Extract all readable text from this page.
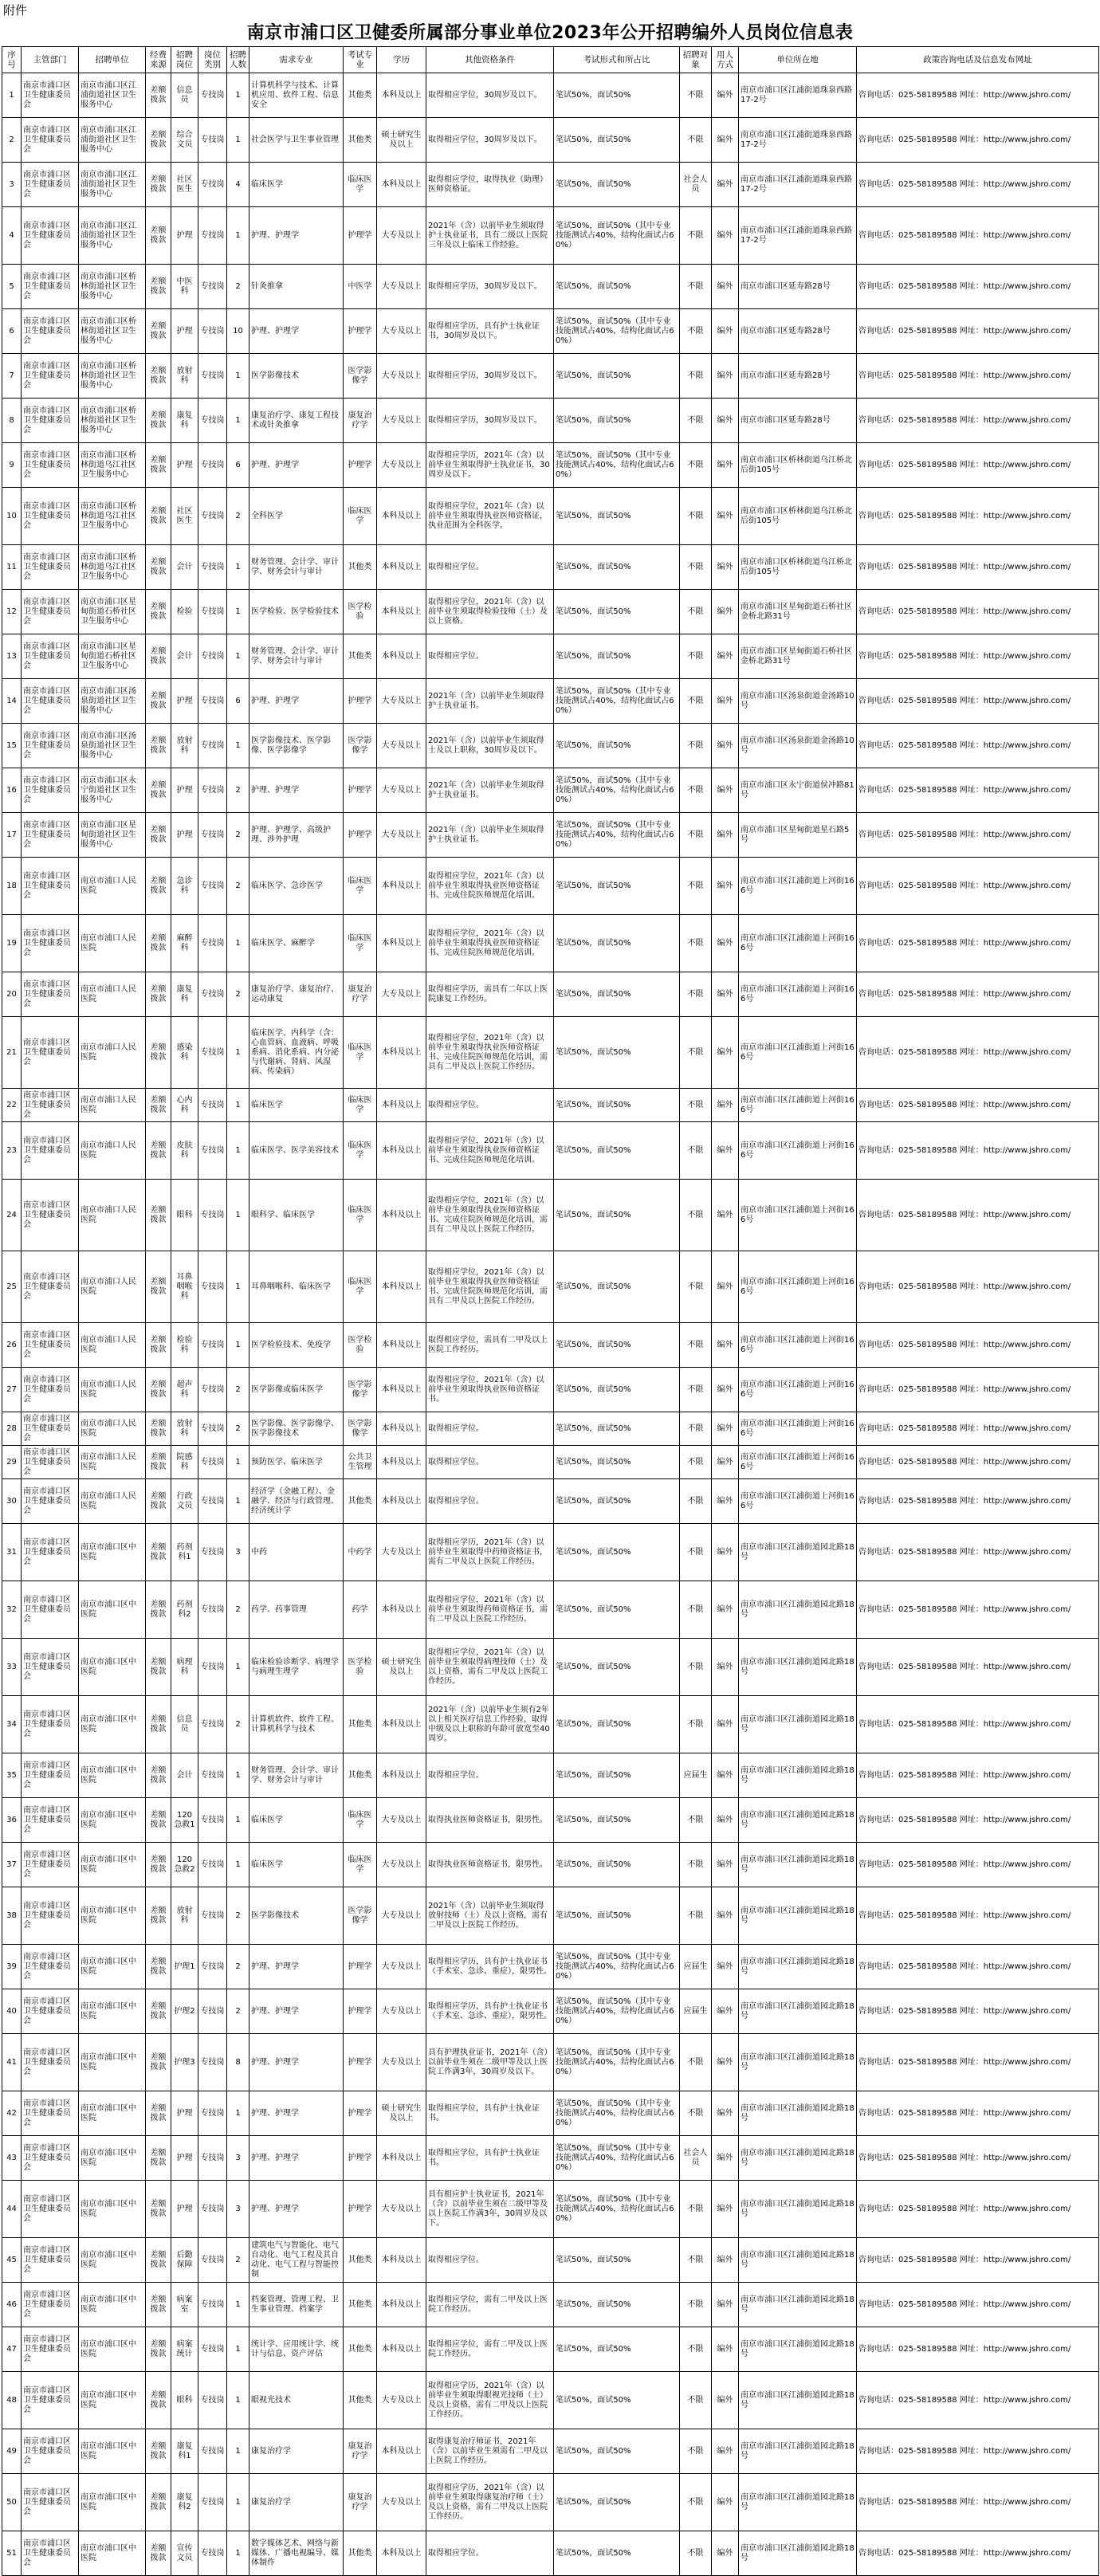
附件
南京市浦口区卫健委所属部分事业单位2023年公开招聘编外人员岗位信息表
序号	主管部门	招聘单位	经费来源	招聘岗位	岗位类别	招聘人数	需求专业	考试专业	学历	其他资格条件	考试形式和所占比	招聘对象	用人方式	单位所在地	政策咨询电话及信息发布网址
1	南京市浦口区卫生健康委员会	南京市浦口区江浦街道社区卫生服务中心	差额拨款	信息员	专技岗	1	计算机科学与技术、计算机应用、软件工程、信息安全	其他类	本科及以上	取得相应学位，30周岁及以下。	笔试50%，面试50%	不限	编外	南京市浦口区江浦街道珠泉西路17-2号	咨询电话：025-58189588 网址：http://www.jshro.com/
2	南京市浦口区卫生健康委员会	南京市浦口区江浦街道社区卫生服务中心	差额拨款	综合文员	专技岗	1	社会医学与卫生事业管理	其他类	硕士研究生及以上	取得相应学位，30周岁及以下。	笔试50%，面试50%	不限	编外	南京市浦口区江浦街道珠泉西路17-2号	咨询电话：025-58189588 网址：http://www.jshro.com/
3	南京市浦口区卫生健康委员会	南京市浦口区江浦街道社区卫生服务中心	差额拨款	社区医生	专技岗	4	临床医学	临床医学	本科及以上	取得相应学位，取得执业（助理）医师资格证。	笔试50%，面试50%	社会人员	编外	南京市浦口区江浦街道珠泉西路17-2号	咨询电话：025-58189588 网址：http://www.jshro.com/
4	南京市浦口区卫生健康委员会	南京市浦口区江浦街道社区卫生服务中心	差额拨款	护理	专技岗	1	护理、护理学	护理学	大专及以上	2021年（含）以前毕业生须取得护士执业证书，具有二级以上医院三年及以上临床工作经验。	笔试50%，面试50%（其中专业技能测试占40%，结构化面试占60%）	不限	编外	南京市浦口区江浦街道珠泉西路17-2号	咨询电话：025-58189588 网址：http://www.jshro.com/
5	南京市浦口区卫生健康委员会	南京市浦口区桥林街道社区卫生服务中心	差额拨款	中医科	专技岗	2	针灸推拿	中医学	大专及以上	取得相应学历，30周岁及以下。	笔试50%，面试50%	不限	编外	南京市浦口区延寿路28号	咨询电话：025-58189588 网址：http://www.jshro.com/
6	南京市浦口区卫生健康委员会	南京市浦口区桥林街道社区卫生服务中心	差额拨款	护理	专技岗	10	护理、护理学	护理学	大专及以上	取得相应学历，具有护士执业证书，30周岁及以下。	笔试50%，面试50%（其中专业技能测试占40%，结构化面试占60%）	不限	编外	南京市浦口区延寿路28号	咨询电话：025-58189588 网址：http://www.jshro.com/
7	南京市浦口区卫生健康委员会	南京市浦口区桥林街道社区卫生服务中心	差额拨款	放射科	专技岗	1	医学影像技术	医学影像学	大专及以上	取得相应学历，30周岁及以下。	笔试50%，面试50%	不限	编外	南京市浦口区延寿路28号	咨询电话：025-58189588 网址：http://www.jshro.com/
8	南京市浦口区卫生健康委员会	南京市浦口区桥林街道社区卫生服务中心	差额拨款	康复科	专技岗	1	康复治疗学、康复工程技术或针灸推拿	康复治疗学	大专及以上	取得相应学历，30周岁及以下。	笔试50%，面试50%	不限	编外	南京市浦口区延寿路28号	咨询电话：025-58189588 网址：http://www.jshro.com/
9	南京市浦口区卫生健康委员会	南京市浦口区桥林街道乌江社区卫生服务中心	差额拨款	护理	专技岗	6	护理、护理学	护理学	大专及以上	取得相应学历，2021年（含）以前毕业生须取得护士执业证书，30周岁及以下。	笔试50%，面试50%（其中专业技能测试占40%，结构化面试占60%）	不限	编外	南京市浦口区桥林街道乌江桥北后街105号	咨询电话：025-58189588 网址：http://www.jshro.com/
10	南京市浦口区卫生健康委员会	南京市浦口区桥林街道乌江社区卫生服务中心	差额拨款	社区医生	专技岗	2	全科医学	临床医学	本科及以上	取得相应学位，2021年（含）以前毕业生须取得执业医师资格证，执业范围为全科医学。	笔试50%，面试50%	不限	编外	南京市浦口区桥林街道乌江桥北后街105号	咨询电话：025-58189588 网址：http://www.jshro.com/
11	南京市浦口区卫生健康委员会	南京市浦口区桥林街道乌江社区卫生服务中心	差额拨款	会计	专技岗	1	财务管理、会计学、审计学、财务会计与审计	其他类	本科及以上	取得相应学位。	笔试50%，面试50%	不限	编外	南京市浦口区桥林街道乌江桥北后街105号	咨询电话：025-58189588 网址：http://www.jshro.com/
12	南京市浦口区卫生健康委员会	南京市浦口区星甸街道石桥社区卫生服务中心	差额拨款	检验	专技岗	1	医学检验、医学检验技术	医学检验	本科及以上	取得相应学位，2021年（含）以前毕业生须取得检验技师（士）及以上资格。	笔试50%，面试50%	不限	编外	南京市浦口区星甸街道石桥社区金桥北路31号	咨询电话：025-58189588 网址：http://www.jshro.com/
13	南京市浦口区卫生健康委员会	南京市浦口区星甸街道石桥社区卫生服务中心	差额拨款	会计	专技岗	1	财务管理、会计学、审计学、财务会计与审计	其他类	本科及以上	取得相应学位。	笔试50%，面试50%	不限	编外	南京市浦口区星甸街道石桥社区金桥北路31号	咨询电话：025-58189588 网址：http://www.jshro.com/
14	南京市浦口区卫生健康委员会	南京市浦口区汤泉街道社区卫生服务中心	差额拨款	护理	专技岗	6	护理、护理学	护理学	大专及以上	2021年（含）以前毕业生须取得护士执业证书。	笔试50%，面试50%（其中专业技能测试占40%，结构化面试占60%）	不限	编外	南京市浦口区汤泉街道金汤路10号	咨询电话：025-58189588 网址：http://www.jshro.com/
15	南京市浦口区卫生健康委员会	南京市浦口区汤泉街道社区卫生服务中心	差额拨款	放射科	专技岗	1	医学影像技术、医学影像、医学影像学	医学影像学	大专及以上	2021年（含）以前毕业生须取得士及以上职称，30周岁及以下。	笔试50%，面试50%	不限	编外	南京市浦口区汤泉街道金汤路10号	咨询电话：025-58189588 网址：http://www.jshro.com/
16	南京市浦口区卫生健康委员会	南京市浦口区永宁街道社区卫生服务中心	差额拨款	护理	专技岗	2	护理、护理学	护理学	大专及以上	2021年（含）以前毕业生须取得护士执业证书。	笔试50%，面试50%（其中专业技能测试占40%，结构化面试占60%）	不限	编外	南京市浦口区永宁街道侯冲路81号	咨询电话：025-58189588 网址：http://www.jshro.com/
17	南京市浦口区卫生健康委员会	南京市浦口区星甸街道社区卫生服务中心	差额拨款	护理	专技岗	2	护理、护理学、高级护理、涉外护理	护理学	大专及以上	2021年（含）以前毕业生须取得护士执业证书。	笔试50%，面试50%（其中专业技能测试占40%，结构化面试占60%）	不限	编外	南京市浦口区星甸街道星石路5号	咨询电话：025-58189588 网址：http://www.jshro.com/
18	南京市浦口区卫生健康委员会	南京市浦口人民医院	差额拨款	急诊科	专技岗	2	临床医学、急诊医学	临床医学	本科及以上	取得相应学位，2021年（含）以前毕业生须取得执业医师资格证书、完成住院医师规范化培训。	笔试50%，面试50%	不限	编外	南京市浦口区江浦街道上河街166号	咨询电话：025-58189588 网址：http://www.jshro.com/
19	南京市浦口区卫生健康委员会	南京市浦口人民医院	差额拨款	麻醉科	专技岗	1	临床医学、麻醉学	临床医学	本科及以上	取得相应学位，2021年（含）以前毕业生须取得执业医师资格证书、完成住院医师规范化培训。	笔试50%，面试50%	不限	编外	南京市浦口区江浦街道上河街166号	咨询电话：025-58189588 网址：http://www.jshro.com/
20	南京市浦口区卫生健康委员会	南京市浦口人民医院	差额拨款	康复科	专技岗	2	康复治疗学、康复治疗、运动康复	康复治疗学	大专及以上	取得相应学历，需具有二年以上医院康复工作经历。	笔试50%，面试50%	不限	编外	南京市浦口区江浦街道上河街166号	咨询电话：025-58189588 网址：http://www.jshro.com/
21	南京市浦口区卫生健康委员会	南京市浦口人民医院	差额拨款	感染科	专技岗	1	临床医学、内科学（含：心血管病、血液病、呼吸系病、消化系病、内分泌与代谢病、肾病、风湿病、传染病）	临床医学	本科及以上	取得相应学位，2021年（含）以前毕业生须取得执业医师资格证书、完成住院医师规范化培训，需具有二甲及以上医院工作经历。	笔试50%，面试50%	不限	编外	南京市浦口区江浦街道上河街166号	咨询电话：025-58189588 网址：http://www.jshro.com/
22	南京市浦口区卫生健康委员会	南京市浦口人民医院	差额拨款	心内科	专技岗	1	临床医学	临床医学	本科及以上	取得相应学位。	笔试50%，面试50%	不限	编外	南京市浦口区江浦街道上河街166号	咨询电话：025-58189588 网址：http://www.jshro.com/
23	南京市浦口区卫生健康委员会	南京市浦口人民医院	差额拨款	皮肤科	专技岗	1	临床医学、医学美容技术	临床医学	本科及以上	取得相应学位，2021年（含）以前毕业生须取得执业医师资格证书、完成住院医师规范化培训。	笔试50%，面试50%	不限	编外	南京市浦口区江浦街道上河街166号	咨询电话：025-58189588 网址：http://www.jshro.com/
24	南京市浦口区卫生健康委员会	南京市浦口人民医院	差额拨款	眼科	专技岗	1	眼科学、临床医学	临床医学	本科及以上	取得相应学位，2021年（含）以前毕业生须取得执业医师资格证书、完成住院医师规范化培训，需具有二甲及以上医院工作经历。	笔试50%，面试50%	不限	编外	南京市浦口区江浦街道上河街166号	咨询电话：025-58189588 网址：http://www.jshro.com/
25	南京市浦口区卫生健康委员会	南京市浦口人民医院	差额拨款	耳鼻咽喉科	专技岗	1	耳鼻咽喉科、临床医学	临床医学	本科及以上	取得相应学位，2021年（含）以前毕业生须取得执业医师资格证书、完成住院医师规范化培训，需具有二甲及以上医院工作经历。	笔试50%，面试50%	不限	编外	南京市浦口区江浦街道上河街166号	咨询电话：025-58189588 网址：http://www.jshro.com/
26	南京市浦口区卫生健康委员会	南京市浦口人民医院	差额拨款	检验科	专技岗	1	医学检验技术、免疫学	医学检验	本科及以上	取得相应学位，需具有二甲及以上医院工作经历。	笔试50%，面试50%	不限	编外	南京市浦口区江浦街道上河街166号	咨询电话：025-58189588 网址：http://www.jshro.com/
27	南京市浦口区卫生健康委员会	南京市浦口人民医院	差额拨款	超声科	专技岗	2	医学影像或临床医学	医学影像学	本科及以上	取得相应学位，2021年（含）以前毕业生须取得执业医师资格证书。	笔试50%，面试50%	不限	编外	南京市浦口区江浦街道上河街166号	咨询电话：025-58189588 网址：http://www.jshro.com/
28	南京市浦口区卫生健康委员会	南京市浦口人民医院	差额拨款	放射科	专技岗	2	医学影像、医学影像学、医学影像技术	医学影像学	本科及以上	取得相应学位。	笔试50%，面试50%	不限	编外	南京市浦口区江浦街道上河街166号	咨询电话：025-58189588 网址：http://www.jshro.com/
29	南京市浦口区卫生健康委员会	南京市浦口人民医院	差额拨款	院感科	专技岗	1	预防医学、临床医学	公共卫生管理	本科及以上	取得相应学位。	笔试50%，面试50%	不限	编外	南京市浦口区江浦街道上河街166号	咨询电话：025-58189588 网址：http://www.jshro.com/
30	南京市浦口区卫生健康委员会	南京市浦口人民医院	差额拨款	行政文员	专技岗	1	经济学（金融工程）、金融学、经济与行政管理、经济统计学	其他类	本科及以上	取得相应学位。	笔试50%，面试50%	不限	编外	南京市浦口区江浦街道上河街166号	咨询电话：025-58189588 网址：http://www.jshro.com/
31	南京市浦口区卫生健康委员会	南京市浦口区中医院	差额拨款	药剂科1	专技岗	3	中药	中药学	大专及以上	取得相应学历，2021年（含）以前毕业生须取得中药师资格证书，需有二甲及以上医院工作经历。	笔试50%，面试50%	不限	编外	南京市浦口区江浦街道园北路18号	咨询电话：025-58189588 网址：http://www.jshro.com/
32	南京市浦口区卫生健康委员会	南京市浦口区中医院	差额拨款	药剂科2	专技岗	2	药学、药事管理	药学	本科及以上	取得相应学位，2021年（含）以前毕业生须取得药师资格证书，需有二甲及以上医院工作经历。	笔试50%，面试50%	不限	编外	南京市浦口区江浦街道园北路18号	咨询电话：025-58189588 网址：http://www.jshro.com/
33	南京市浦口区卫生健康委员会	南京市浦口区中医院	差额拨款	病理科	专技岗	1	临床检验诊断学、病理学与病理生理学	医学检验	硕士研究生及以上	取得相应学位，2021年（含）以前毕业生须取得病理技师（士）及以上资格，需有二甲及以上医院工作经历。	笔试50%，面试50%	不限	编外	南京市浦口区江浦街道园北路18号	咨询电话：025-58189588 网址：http://www.jshro.com/
34	南京市浦口区卫生健康委员会	南京市浦口区中医院	差额拨款	信息员	专技岗	2	计算机软件、软件工程、计算机科学与技术	其他类	本科及以上	2021年（含）以前毕业生须有2年以上相关医疗信息工作经验，取得中级及以上职称的年龄可放宽至40周岁。	笔试50%，面试50%	不限	编外	南京市浦口区江浦街道园北路18号	咨询电话：025-58189588 网址：http://www.jshro.com/
35	南京市浦口区卫生健康委员会	南京市浦口区中医院	差额拨款	会计	专技岗	1	财务管理、会计学、审计学、财务会计与审计	其他类	本科及以上	取得相应学位。	笔试50%，面试50%	应届生	编外	南京市浦口区江浦街道园北路18号	咨询电话：025-58189588 网址：http://www.jshro.com/
36	南京市浦口区卫生健康委员会	南京市浦口区中医院	差额拨款	120急救1	专技岗	1	临床医学	临床医学	大专及以上	取得执业医师资格证书，限男性。	笔试50%，面试50%	不限	编外	南京市浦口区江浦街道园北路18号	咨询电话：025-58189588 网址：http://www.jshro.com/
37	南京市浦口区卫生健康委员会	南京市浦口区中医院	差额拨款	120急救2	专技岗	1	临床医学	临床医学	大专及以上	取得执业医师资格证书，限男性。	笔试50%，面试50%	不限	编外	南京市浦口区江浦街道园北路18号	咨询电话：025-58189588 网址：http://www.jshro.com/
38	南京市浦口区卫生健康委员会	南京市浦口区中医院	差额拨款	放射科	专技岗	2	医学影像技术	医学影像学	大专及以上	2021年（含）以前毕业生须取得放射技师（士）及以上资格，需有二甲及以上医院工作经历。	笔试50%，面试50%	不限	编外	南京市浦口区江浦街道园北路18号	咨询电话：025-58189588 网址：http://www.jshro.com/
39	南京市浦口区卫生健康委员会	南京市浦口区中医院	差额拨款	护理1	专技岗	2	护理、护理学	护理学	大专及以上	取得相应学历，具有护士执业证书（手术室、急诊、重症），限男性。	笔试50%，面试50%（其中专业技能测试占40%，结构化面试占60%）	应届生	编外	南京市浦口区江浦街道园北路18号	咨询电话：025-58189588 网址：http://www.jshro.com/
40	南京市浦口区卫生健康委员会	南京市浦口区中医院	差额拨款	护理2	专技岗	2	护理、护理学	护理学	大专及以上	取得相应学历，具有护士执业证书（手术室、急诊、重症），限男性。	笔试50%，面试50%（其中专业技能测试占40%，结构化面试占60%）	应届生	编外	南京市浦口区江浦街道园北路18号	咨询电话：025-58189588 网址：http://www.jshro.com/
41	南京市浦口区卫生健康委员会	南京市浦口区中医院	差额拨款	护理3	专技岗	8	护理、护理学	护理学	大专及以上	具有护理执业证书，2021年（含）以前毕业生须在二级甲等及以上医院工作满3年，30周岁及以下。	笔试50%，面试50%（其中专业技能测试占40%，结构化面试占60%）	不限	编外	南京市浦口区江浦街道园北路18号	咨询电话：025-58189588 网址：http://www.jshro.com/
42	南京市浦口区卫生健康委员会	南京市浦口区中医院	差额拨款	护理	专技岗	1	护理、护理学	护理学	硕士研究生及以上	取得相应学位，具有护士执业证书。	笔试50%，面试50%（其中专业技能测试占40%，结构化面试占60%）	不限	编外	南京市浦口区江浦街道园北路18号	咨询电话：025-58189588 网址：http://www.jshro.com/
43	南京市浦口区卫生健康委员会	南京市浦口区中医院	差额拨款	护理	专技岗	3	护理、护理学	护理学	本科及以上	取得相应学位，具有护士执业证书。	笔试50%，面试50%（其中专业技能测试占40%，结构化面试占60%）	社会人员	编外	南京市浦口区江浦街道园北路18号	咨询电话：025-58189588 网址：http://www.jshro.com/
44	南京市浦口区卫生健康委员会	南京市浦口区中医院	差额拨款	护理	专技岗	3	护理、护理学	护理学	大专及以上	具有相应护士执业证书，2021年（含）以前毕业生须在二级甲等及以上医院工作满3年，30周岁及以下。	笔试50%，面试50%（其中专业技能测试占40%，结构化面试占60%）	不限	编外	南京市浦口区江浦街道园北路18号	咨询电话：025-58189588 网址：http://www.jshro.com/
45	南京市浦口区卫生健康委员会	南京市浦口区中医院	差额拨款	后勤保障	专技岗	2	建筑电气与智能化、电气自动化、电气工程及其自动化、电气工程与智能控制	其他类	本科及以上	取得相应学位。	笔试50%，面试50%	不限	编外	南京市浦口区江浦街道园北路18号	咨询电话：025-58189588 网址：http://www.jshro.com/
46	南京市浦口区卫生健康委员会	南京市浦口区中医院	差额拨款	病案室	专技岗	1	档案管理、管理工程、卫生事业管理、档案学	其他类	本科及以上	取得相应学位，需有二甲及以上医院工作经历。	笔试50%，面试50%	不限	编外	南京市浦口区江浦街道园北路18号	咨询电话：025-58189588 网址：http://www.jshro.com/
47	南京市浦口区卫生健康委员会	南京市浦口区中医院	差额拨款	病案统计	专技岗	1	统计学、应用统计学、统计与信息、资产评估	其他类	本科及以上	取得相应学位，需有二甲及以上医院工作经历。	笔试50%，面试50%	不限	编外	南京市浦口区江浦街道园北路18号	咨询电话：025-58189588 网址：http://www.jshro.com/
48	南京市浦口区卫生健康委员会	南京市浦口区中医院	差额拨款	眼科	专技岗	1	眼视光技术	其他类	大专及以上	取得相应学历，2021年（含）以前毕业生须取得眼视光技师（士）及以上资格，需有二甲及以上医院工作经历。	笔试50%，面试50%	不限	编外	南京市浦口区江浦街道园北路18号	咨询电话：025-58189588 网址：http://www.jshro.com/
49	南京市浦口区卫生健康委员会	南京市浦口区中医院	差额拨款	康复科1	专技岗	1	康复治疗学	康复治疗学	本科及以上	取得康复治疗师证书，2021年（含）以前毕业生须需有二甲及以上医院工作经历。	笔试50%，面试50%	不限	编外	南京市浦口区江浦街道园北路18号	咨询电话：025-58189588 网址：http://www.jshro.com/
50	南京市浦口区卫生健康委员会	南京市浦口区中医院	差额拨款	康复科2	专技岗	1	康复治疗学	康复治疗学	大专及以上	取得相应学历，2021年（含）以前毕业生须取得康复治疗师（士）及以上资格，需有二甲及以上医院工作经历。	笔试50%，面试50%	不限	编外	南京市浦口区江浦街道园北路18号	咨询电话：025-58189588 网址：http://www.jshro.com/
51	南京市浦口区卫生健康委员会	南京市浦口区中医院	差额拨款	宣传文员	专技岗	1	数字媒体艺术、网络与新媒体、广播电视编导、媒体制作	其他类	本科及以上	取得相应学位。	笔试50%，面试50%	不限	编外	南京市浦口区江浦街道园北路18号	咨询电话：025-58189588 网址：http://www.jshro.com/
